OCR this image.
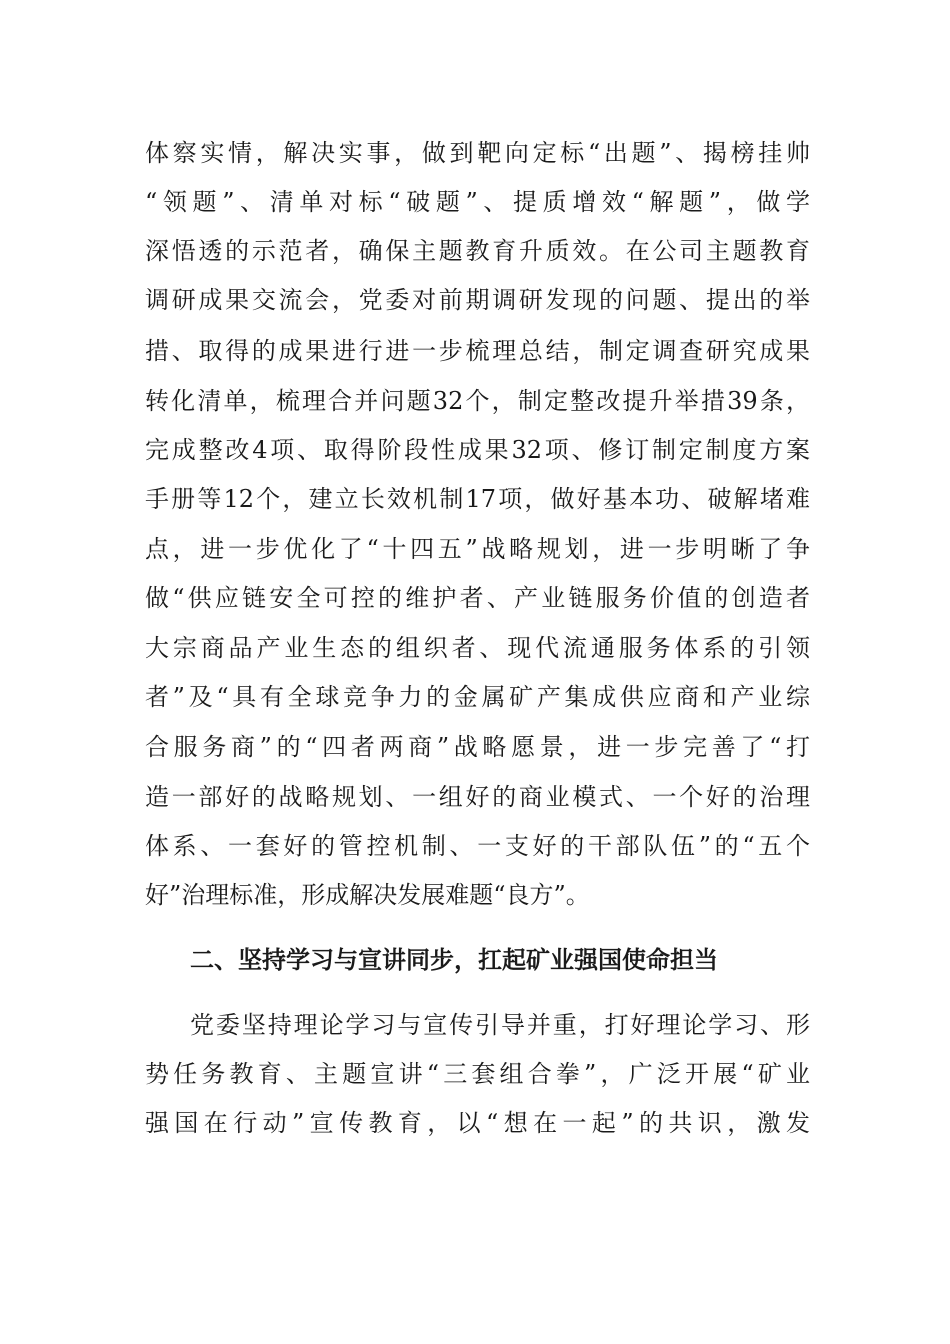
体察实情，解决实事，做到靶向定标“出题”、揭榜挂帅
“领题”、清单对标“破题”、提质增效“解题”，做学
深悟透的示范者，确保主题教育升质效。在公司主题教育
调研成果交流会，党委对前期调研发现的问题、提出的举
措、取得的成果进行进一步梳理总结，制定调查研究成果
转化清单，梳理合并问题32个，制定整改提升举措39条，
完成整改4项、取得阶段性成果32项、修订制定制度方案
手册等12个，建立长效机制17项，做好基本功、破解堵难
点，进一步优化了“十四五”战略规划，进一步明晰了争
做“供应链安全可控的维护者、产业链服务价值的创造者
大宗商品产业生态的组织者、现代流通服务体系的引领
者”及“具有全球竞争力的金属矿产集成供应商和产业综
合服务商”的“四者两商”战略愿景，进一步完善了“打
造一部好的战略规划、一组好的商业模式、一个好的治理
体系、一套好的管控机制、一支好的干部队伍”的“五个
好”治理标准，形成解决发展难题“良方”。
二、坚持学习与宣讲同步，扛起矿业强国使命担当
党委坚持理论学习与宣传引导并重，打好理论学习、形
势任务教育、主题宣讲“三套组合拳”，广泛开展“矿业
强国在行动”宣传教育，以“想在一起”的共识，激发
